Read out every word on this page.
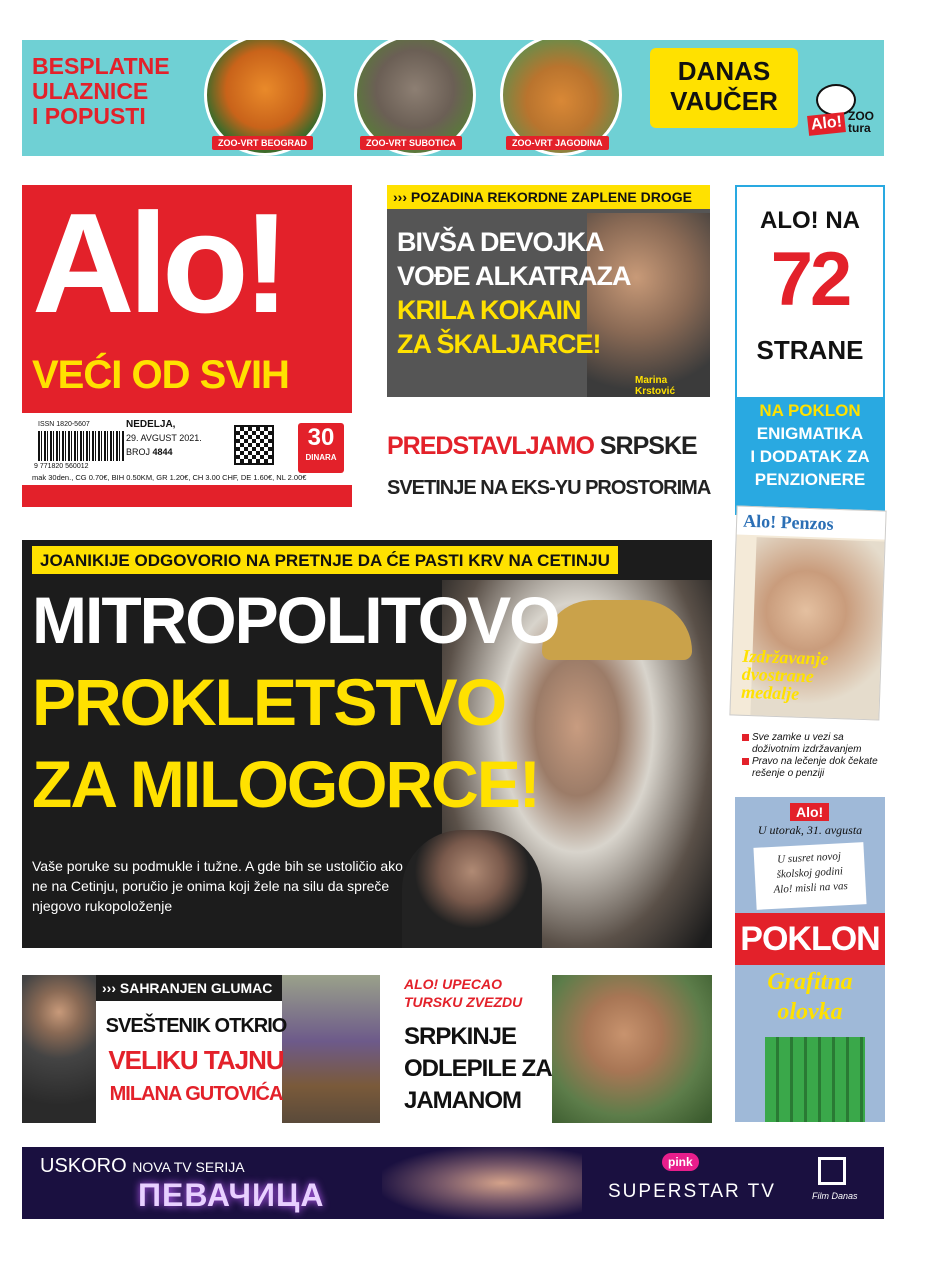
BESPLATNE
ULAZNICE
I POPUSTI
ZOO-VRT BEOGRAD	ZOO-VRT SUBOTICA	ZOO-VRT JAGODINA
DANAS
VAUČER
Alo! ZOO
tura
Alo!
VEĆI OD SVIH
ISSN 1820-5607
9 771820 560012
NEDELJA,
29. AVGUST 2021.
BROJ 4844
mak 30den., CG 0.70€, BIH 0.50KM, GR 1.20€, CH 3.00 CHF, DE 1.60€, NL 2.00€
30
DINARA
››› POZADINA REKORDNE ZAPLENE DROGE
BIVŠA DEVOJKA
VOĐE ALKATRAZA
KRILA KOKAIN
ZA ŠKALJARCE!
Marina Krstović
PREDSTAVLJAMO SRPSKE
SVETINJE NA EKS-YU PROSTORIMA
ALO! NA
72
STRANE
NA POKLON
ENIGMATIKA
I DODATAK ZA
PENZIONERE
Alo! Penzos
Izdržavanje
dvostrane
medalje
Sve zamke u vezi sa doživotnim izdržavanjem
Pravo na lečenje dok čekate rešenje o penziji
Alo!
U utorak, 31. avgusta
U susret novoj
školskoj godini
Alo! misli na vas
POKLON
Grafitna
olovka
JOANIKIJE ODGOVORIO NA PRETNJE DA ĆE PASTI KRV NA CETINJU
MITROPOLITOVO
PROKLETSTVO
ZA MILOGORCE!
Vaše poruke su podmukle i tužne. A gde bih se ustoličio ako ne na Cetinju, poručio je onima koji žele na silu da spreče njegovo rukopoloženje
››› SAHRANJEN GLUMAC
SVEŠTENIK OTKRIO
VELIKU TAJNU
MILANA GUTOVIĆA
ALO! UPECAO
TURSKU ZVEZDU
SRPKINJE
ODLEPILE ZA
JAMANOM
USKORO NOVA TV SERIJA
ПЕВАЧИЦА
pink
SUPERSTAR TV	Film Danas
